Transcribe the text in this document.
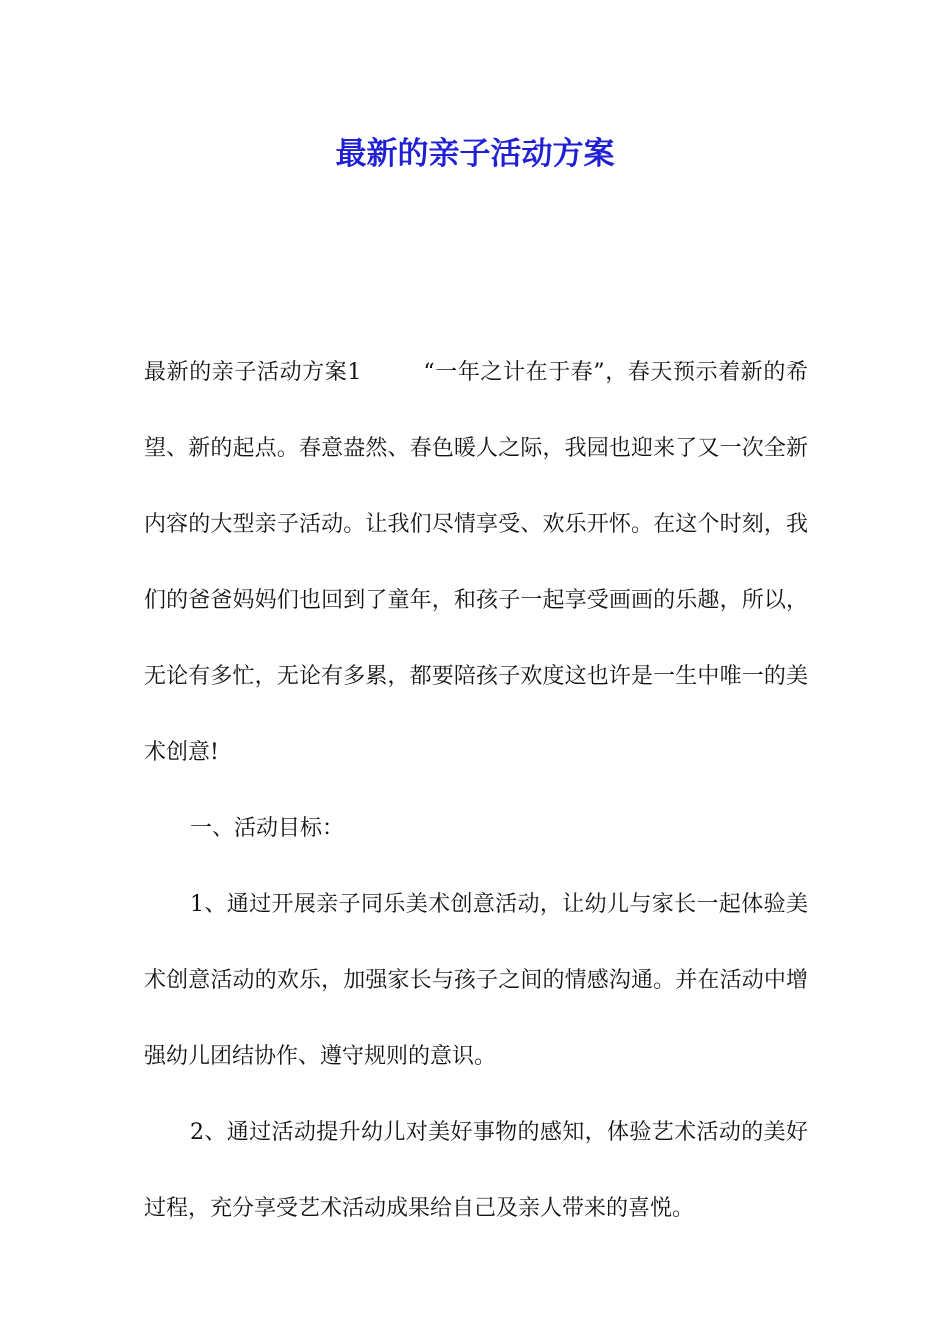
最新的亲子活动方案

最新的亲子活动方案1	“一年之计在于春”，春天预示着新的希望、新的起点。春意盎然、春色暖人之际，我园也迎来了又一次全新内容的大型亲子活动。让我们尽情享受、欢乐开怀。在这个时刻，我们的爸爸妈妈们也回到了童年，和孩子一起享受画画的乐趣，所以，无论有多忙，无论有多累，都要陪孩子欢度这也许是一生中唯一的美术创意!

一、活动目标：

1、通过开展亲子同乐美术创意活动，让幼儿与家长一起体验美术创意活动的欢乐，加强家长与孩子之间的情感沟通。并在活动中增强幼儿团结协作、遵守规则的意识。

2、通过活动提升幼儿对美好事物的感知，体验艺术活动的美好过程，充分享受艺术活动成果给自己及亲人带来的喜悦。
